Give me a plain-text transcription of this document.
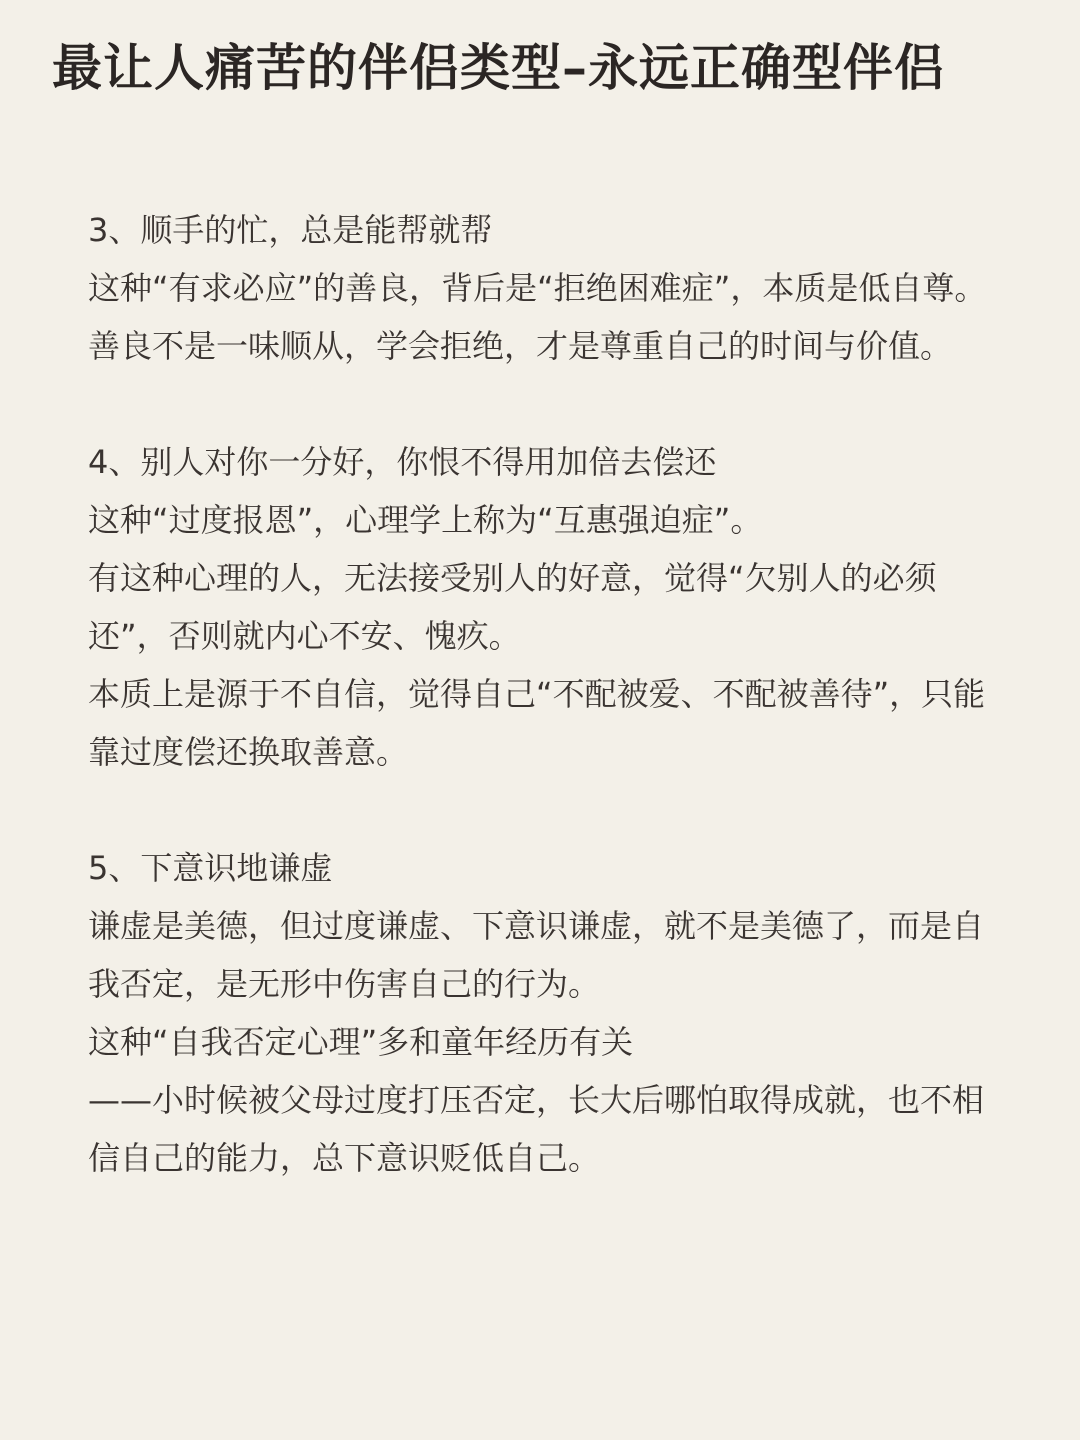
最让人痛苦的伴侣类型–永远正确型伴侣

3、顺手的忙，总是能帮就帮

这种“有求必应”的善良，背后是“拒绝困难症”，本质是低自尊。善良不是一味顺从，学会拒绝，才是尊重自己的时间与价值。

4、别人对你一分好，你恨不得用加倍去偿还

这种“过度报恩”，心理学上称为“互惠强迫症”。

有这种心理的人，无法接受别人的好意，觉得“欠别人的必须还”，否则就内心不安、愧疚。

本质上是源于不自信，觉得自己“不配被爱、不配被善待”，只能靠过度偿还换取善意。

5、下意识地谦虚

谦虚是美德，但过度谦虚、下意识谦虚，就不是美德了，而是自我否定，是无形中伤害自己的行为。

这种“自我否定心理”多和童年经历有关

——小时候被父母过度打压否定，长大后哪怕取得成就，也不相信自己的能力，总下意识贬低自己。
